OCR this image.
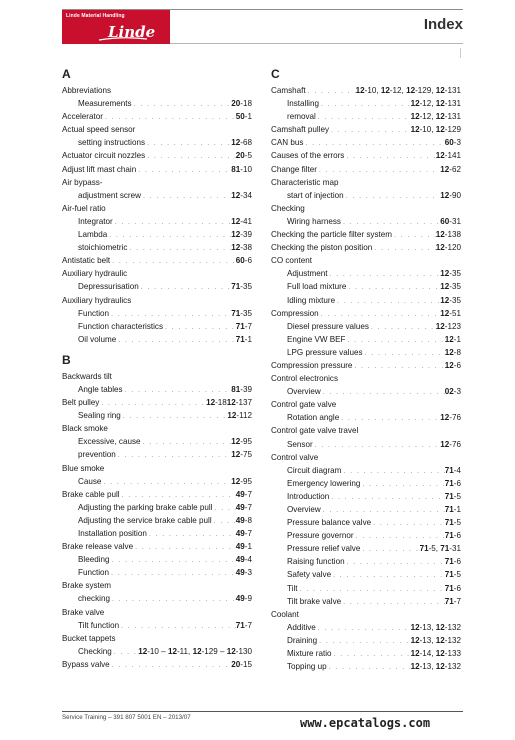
Linde Material Handling
Linde	Index
A
Abbreviations
Measurements . . .	20-18
Accelerator . . .	50-1
Actual speed sensor
setting instructions . . .	12-68
Actuator circuit nozzles . . .	20-5
Adjust lift mast chain . . .	81-10
Air bypass-
adjustment screw . . .	12-34
Air-fuel ratio
Integrator . . .	12-41
Lambda . . .	12-39
stoichiometric . . .	12-38
Antistatic belt . . .	60-6
Auxiliary hydraulic
Depressurisation . . .	71-35
Auxiliary hydraulics
Function . . .	71-35
Function characteristics . . .	71-7
Oil volume . . .	71-1
B
Backwards tilt
Angle tables . . .	81-39
Belt pulley . . .	12-1812-137
Sealing ring . . .	12-112
Black smoke
Excessive, cause . . .	12-95
prevention . . .	12-75
Blue smoke
Cause . . .	12-95
Brake cable pull . . .	49-7
Adjusting the parking brake cable pull . . .	49-7
Adjusting the service brake cable pull . . .	49-8
Installation position . . .	49-7
Brake release valve . . .	49-1
Bleeding . . .	49-4
Function . . .	49-3
Brake system
checking . . .	49-9
Brake valve
Tilt function . . .	71-7
Bucket tappets
Checking . . .	12-10 – 12-11, 12-129 – 12-130
Bypass valve . . .	20-15
C
Camshaft . . .	12-10, 12-12, 12-129, 12-131
Installing . . .	12-12, 12-131
removal . . .	12-12, 12-131
Camshaft pulley . . .	12-10, 12-129
CAN bus . . .	60-3
Causes of the errors . . .	12-141
Change filter . . .	12-62
Characteristic map
start of injection . . .	12-90
Checking
Wiring harness . . .	60-31
Checking the particle filter system . . .	12-138
Checking the piston position . . .	12-120
CO content
Adjustment . . .	12-35
Full load mixture . . .	12-35
Idling mixture . . .	12-35
Compression . . .	12-51
Diesel pressure values . . .	12-123
Engine VW BEF . . .	12-1
LPG pressure values . . .	12-8
Compression pressure . . .	12-6
Control electronics
Overview . . .	02-3
Control gate valve
Rotation angle . . .	12-76
Control gate valve travel
Sensor . . .	12-76
Control valve
Circuit diagram . . .	71-4
Emergency lowering . . .	71-6
Introduction . . .	71-5
Overview . . .	71-1
Pressure balance valve . . .	71-5
Pressure governor . . .	71-6
Pressure relief valve . . .	71-5, 71-31
Raising function . . .	71-6
Safety valve . . .	71-5
Tilt . . .	71-6
Tilt brake valve . . .	71-7
Coolant
Additive . . .	12-13, 12-132
Draining . . .	12-13, 12-132
Mixture ratio . . .	12-14, 12-133
Topping up . . .	12-13, 12-132
Service Training – 391 807 5001 EN – 2013/07	www.epcatalogs.com
